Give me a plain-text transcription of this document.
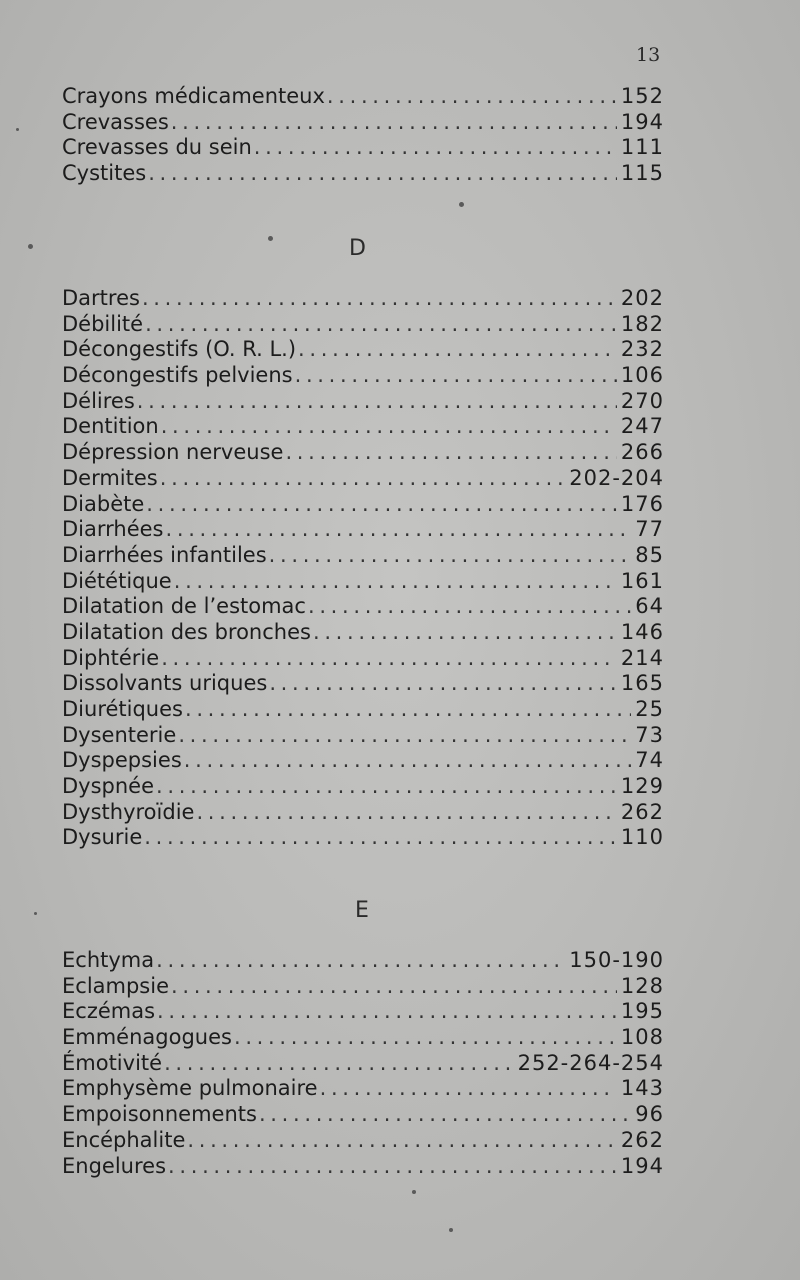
13
Crayons médicamenteux . . .	152
Crevasses . . .	194
Crevasses du sein . . .	111
Cystites . . .	115
D
Dartres . . .	202
Débilité . . .	182
Décongestifs (O. R. L.) . . .	232
Décongestifs pelviens . . .	106
Délires . . .	270
Dentition . . .	247
Dépression nerveuse . . .	266
Dermites . . .	202-204
Diabète . . .	176
Diarrhées . . .	77
Diarrhées infantiles . . .	85
Diététique . . .	161
Dilatation de l’estomac . . .	64
Dilatation des bronches . . .	146
Diphtérie . . .	214
Dissolvants uriques . . .	165
Diurétiques . . .	25
Dysenterie . . .	73
Dyspepsies . . .	74
Dyspnée . . .	129
Dysthyroïdie . . .	262
Dysurie . . .	110
E
Echtyma . . .	150-190
Eclampsie . . .	128
Eczémas . . .	195
Emménagogues . . .	108
Émotivité . . .	252-264-254
Emphysème pulmonaire . . .	143
Empoisonnements . . .	96
Encéphalite . . .	262
Engelures . . .	194
